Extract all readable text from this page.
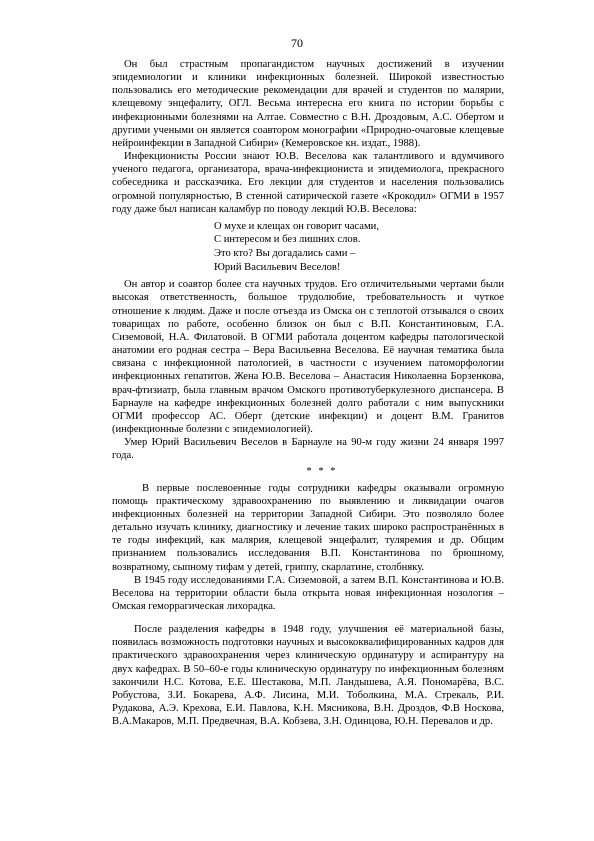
70

Он был страстным пропагандистом научных достижений в изучении эпидемиологии и клиники инфекционных болезней. Широкой известностью пользовались его методические рекомендации для врачей и студентов по малярии, клещевому энцефалиту, ОГЛ. Весьма интересна его книга по истории борьбы с инфекционными болезнями на Алтае. Совместно с В.Н. Дроздовым, А.С. Обертом и другими учеными он является соавтором монографии «Природно-очаговые клещевые нейроинфекции в Западной Сибири» (Кемеровское кн. издат., 1988).

Инфекционисты России знают Ю.В. Веселова как талантливого и вдумчивого ученого педагога, организатора, врача-инфекциониста и эпидемиолога, прекрасного собеседника и рассказчика. Его лекции для студентов и населения пользовались огромной популярностью, В стенной сатирической газете «Крокодил» ОГМИ в 1957 году даже был написан каламбур по поводу лекций Ю.В. Веселова:

О мухе и клещах он говорит часами,
С интересом и без лишних слов.
Это кто? Вы догадались сами –
Юрий Васильевич Веселов!

Он автор и соавтор более ста научных трудов. Его отличительными чертами были высокая ответственность, большое трудолюбие, требовательность и чуткое отношение к людям. Даже и после отъезда из Омска он с теплотой отзывался о своих товарищах по работе, особенно близок он был с В.П. Константиновым, Г.А. Сиземовой, Н.А. Филатовой. В ОГМИ работала доцентом кафедры патологической анатомии его родная сестра – Вера Васильевна Веселова. Её научная тематика была связана с инфекционной патологией, в частности с изучением патоморфологии инфекционных гепатитов. Жена Ю.В. Веселова – Анастасия Николаевна Борзенкова, врач-фтизиатр, была главным врачом Омского противотуберкулезного диспансера. В Барнауле на кафедре инфекционных болезней долго работали с ним выпускники ОГМИ профессор АС. Оберт (детские инфекции) и доцент В.М. Гранитов (инфекционные болезни с эпидемиологией).

Умер Юрий Васильевич Веселов в Барнауле на 90-м году жизни 24 января 1997 года.

* * *

В первые послевоенные годы сотрудники кафедры оказывали огромную помощь практическому здравоохранению по выявлению и ликвидации очагов инфекционных болезней на территории Западной Сибири. Это позволяло более детально изучать клинику, диагностику и лечение таких широко распространённых в те годы инфекций, как малярия, клещевой энцефалит, туляремия и др. Общим признанием пользовались исследования В.П. Константинова по брюшному, возвратному, сыпному тифам у детей, гриппу, скарлатине, столбняку.

В 1945 году исследованиями Г.А. Сиземовой, а затем В.П. Константинова и Ю.В. Веселова на территории области была открыта новая инфекционная нозология – Омская геморрагическая лихорадка.

После разделения кафедры в 1948 году, улучшения её материальной базы, появилась возможность подготовки научных и высококвалифицированных кадров для практического здравоохранения через клиническую ординатуру и аспирантуру на двух кафедрах. В 50–60-е годы клиническую ординатуру по инфекционным болезням закончили Н.С. Котова, Е.Е. Шестакова, М.П. Ландышева, А.Я. Пономарёва, В.С. Робустова, З.И. Бокарева, А.Ф. Лисина, М.И. Тоболкина, М.А. Стрекаль, Р.И. Рудакова, А.Э. Крехова, Е.И. Павлова, К.Н. Мясникова, В.Н. Дроздов, Ф.В Носкова, В.А.Макаров, М.П. Предвечная, В.А. Кобзева, З.Н. Одинцова, Ю.Н. Перевалов и др.
